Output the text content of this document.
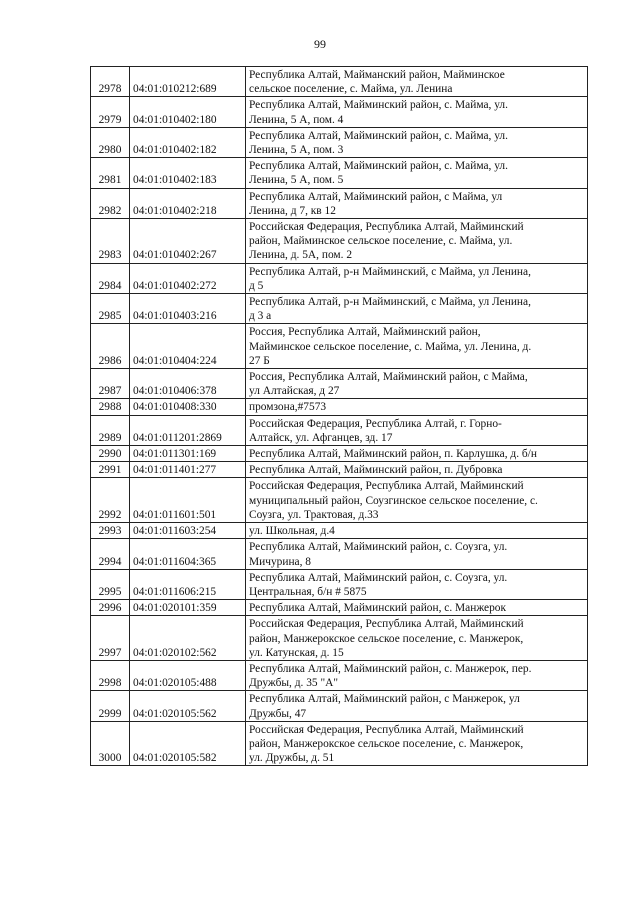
99
2978	04:01:010212:689	Республика Алтай, Майманский район, Майминское
сельское поселение, с. Майма, ул. Ленина

2979	04:01:010402:180	Республика Алтай, Майминский район, с. Майма, ул.
Ленина, 5 А, пом. 4

2980	04:01:010402:182	Республика Алтай, Майминский район, с. Майма, ул.
Ленина, 5 А, пом. 3

2981	04:01:010402:183	Республика Алтай, Майминский район, с. Майма, ул.
Ленина, 5 А, пом. 5

2982	04:01:010402:218	Республика Алтай, Майминский район, с Майма, ул
Ленина, д 7, кв 12

2983	04:01:010402:267	Российская Федерация, Республика Алтай, Майминский
район, Майминское сельское поселение, с. Майма, ул.
Ленина, д. 5А, пом. 2

2984	04:01:010402:272	Республика Алтай, р-н Майминский, с Майма, ул Ленина,
д 5

2985	04:01:010403:216	Республика Алтай, р-н Майминский, с Майма, ул Ленина,
д 3 а

2986	04:01:010404:224	Россия, Республика Алтай, Майминский район,
Майминское сельское поселение, с. Майма, ул. Ленина, д.
27 Б

2987	04:01:010406:378	Россия, Республика Алтай, Майминский район, с Майма,
ул Алтайская, д 27

2988	04:01:010408:330	промзона,#7573

2989	04:01:011201:2869	Российская Федерация, Республика Алтай, г. Горно-
Алтайск, ул. Афганцев, зд. 17

2990	04:01:011301:169	Республика Алтай, Майминский район, п. Карлушка, д. б/н

2991	04:01:011401:277	Республика Алтай, Майминский район, п. Дубровка

2992	04:01:011601:501	Российская Федерация, Республика Алтай, Майминский
муниципальный район, Соузгинское сельское поселение, с.
Соузга, ул. Трактовая, д.33

2993	04:01:011603:254	ул. Школьная, д.4

2994	04:01:011604:365	Республика Алтай, Майминский район, с. Соузга, ул.
Мичурина, 8

2995	04:01:011606:215	Республика Алтай, Майминский район, с. Соузга, ул.
Центральная, б/н # 5875

2996	04:01:020101:359	Республика Алтай, Майминский район, с. Манжерок

2997	04:01:020102:562	Российская Федерация, Республика Алтай, Майминский
район, Манжерокское сельское поселение, с. Манжерок,
ул. Катунская, д. 15

2998	04:01:020105:488	Республика Алтай, Майминский район, с. Манжерок, пер.
Дружбы, д. 35 "А"

2999	04:01:020105:562	Республика Алтай, Майминский район, с Манжерок, ул
Дружбы, 47

3000	04:01:020105:582	Российская Федерация, Республика Алтай, Майминский
район, Манжерокское сельское поселение, с. Манжерок,
ул. Дружбы, д. 51
